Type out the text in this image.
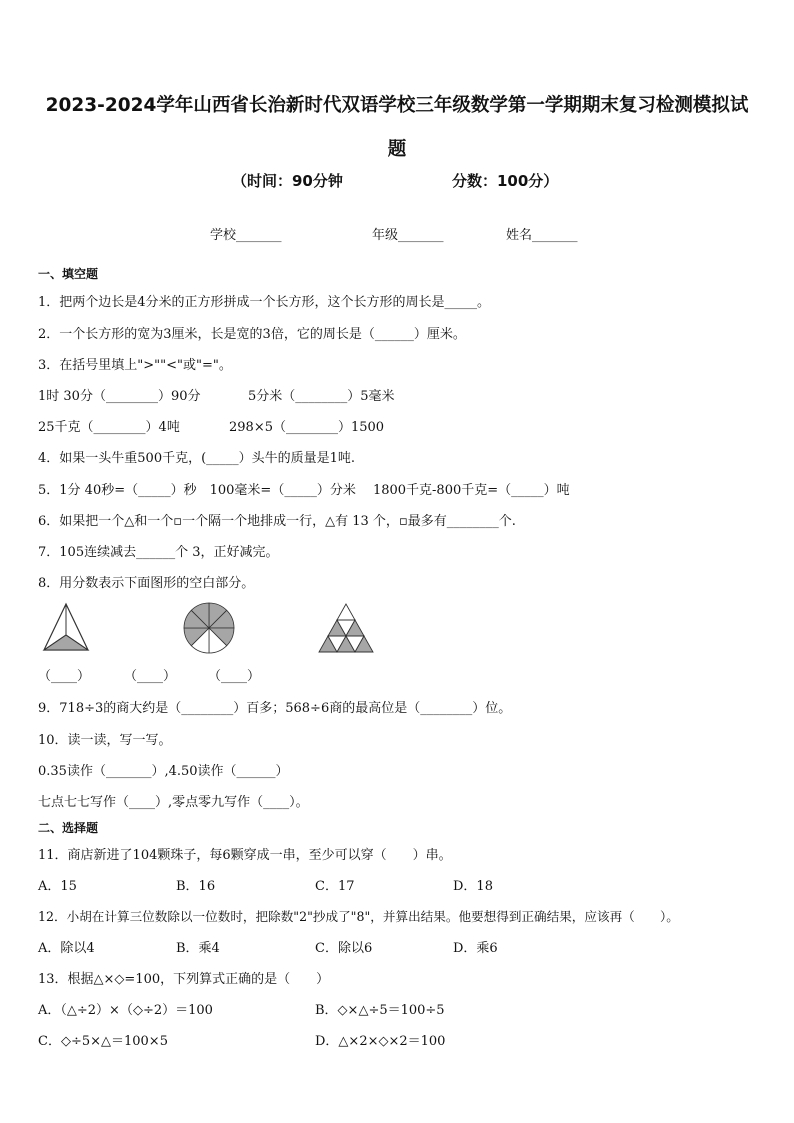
2023-2024学年山西省长治新时代双语学校三年级数学第一学期期末复习检测模拟试
题
（时间：90分钟	分数：100分）
学校_______	年级_______	姓名_______
一、填空题
1．把两个边长是4分米的正方形拼成一个长方形，这个长方形的周长是_____。
2．一个长方形的宽为3厘米，长是宽的3倍，它的周长是（______）厘米。
3．在括号里填上">""<"或"="。
1时 30分（________）90分	5分米（________）5毫米
25千克（________）4吨	298×5（________）1500
4．如果一头牛重500千克，(_____）头牛的质量是1吨.
5．1分 40秒=（_____）秒　100毫米=（_____）分米　 1800千克-800千克=（_____）吨
6．如果把一个△和一个▫一个隔一个地排成一行，△有 13 个，▫最多有________个.
7．105连续减去______个 3，正好减完。
8．用分数表示下面图形的空白部分。
（____）	（____） （____）
9．718÷3的商大约是（________）百多；568÷6商的最高位是（________）位。
10．读一读，写一写。
0.35读作（_______）,4.50读作（______）
七点七七写作（____）,零点零九写作（____）。
二、选择题
11．商店新进了104颗珠子，每6颗穿成一串，至少可以穿（　　）串。
A．15	B．16	C．17	D．18
12．小胡在计算三位数除以一位数时，把除数"2"抄成了"8"，并算出结果。他要想得到正确结果，应该再（　　）。
A．除以4	B．乘4	C．除以6	D．乘6
13．根据△×◇=100，下列算式正确的是（　　）
A．（△÷2）×（◇÷2）＝100	B．◇×△÷5＝100÷5
C．◇÷5×△＝100×5	D．△×2×◇×2＝100
